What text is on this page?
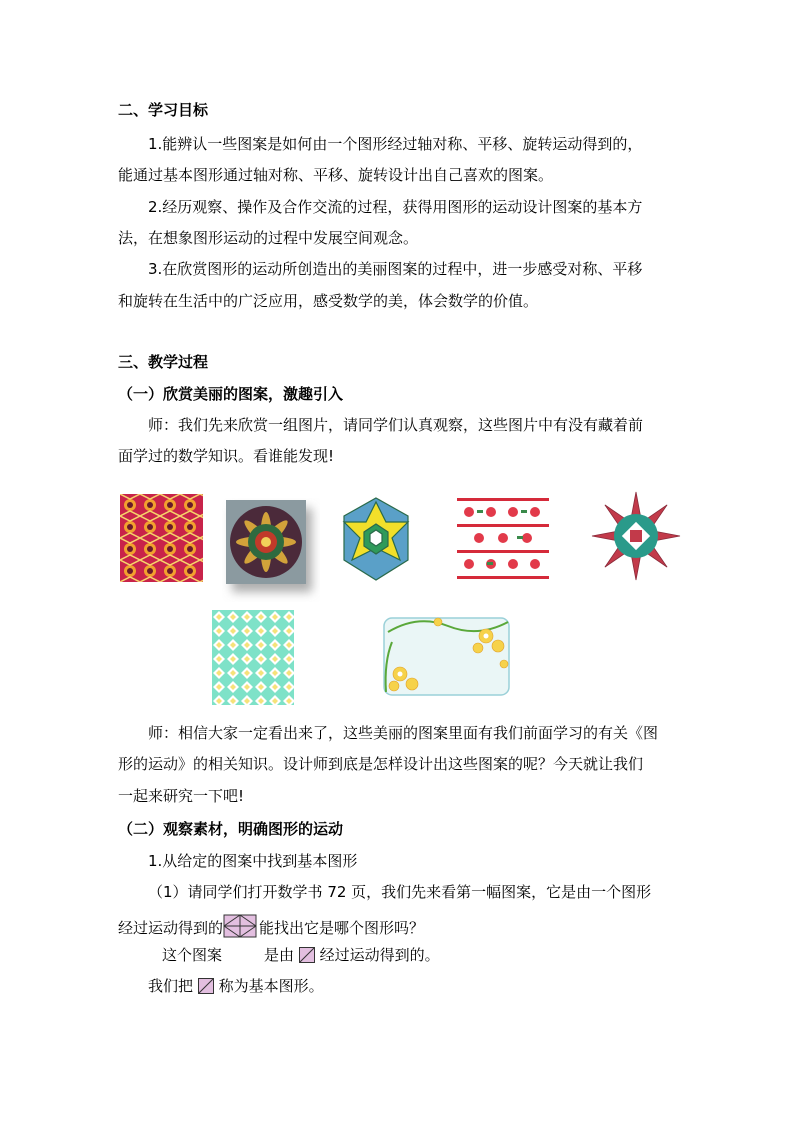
二、学习目标
1.能辨认一些图案是如何由一个图形经过轴对称、平移、旋转运动得到的，
能通过基本图形通过轴对称、平移、旋转设计出自己喜欢的图案。
2.经历观察、操作及合作交流的过程，获得用图形的运动设计图案的基本方
法，在想象图形运动的过程中发展空间观念。
3.在欣赏图形的运动所创造出的美丽图案的过程中，进一步感受对称、平移
和旋转在生活中的广泛应用，感受数学的美，体会数学的价值。
三、教学过程
（一）欣赏美丽的图案，激趣引入
师：我们先来欣赏一组图片，请同学们认真观察，这些图片中有没有藏着前
面学过的数学知识。看谁能发现!
师：相信大家一定看出来了，这些美丽的图案里面有我们前面学习的有关《图
形的运动》的相关知识。设计师到底是怎样设计出这些图案的呢？今天就让我们
一起来研究一下吧!
（二）观察素材，明确图形的运动
1.从给定的图案中找到基本图形
（1）请同学们打开数学书 72 页，我们先来看第一幅图案，它是由一个图形
经过运动得到的 能找出它是哪个图形吗？
这个图案	是由 经过运动得到的。
我们把 称为基本图形。
